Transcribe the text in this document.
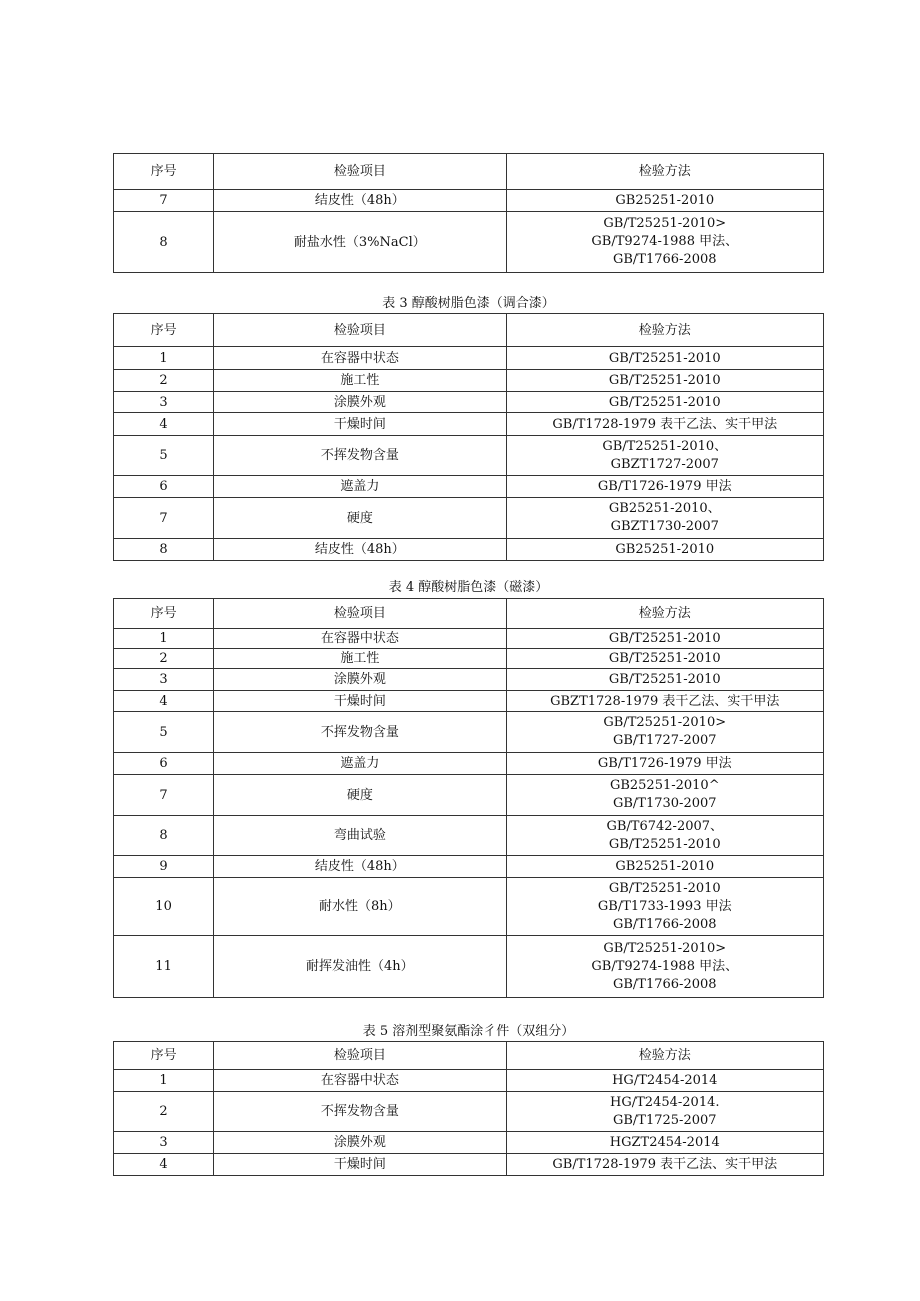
序号	检验项目	检验方法
7	结皮性（48h）	GB25251-2010

8	耐盐水性（3%NaCl）	GB/T25251-2010>
GB/T9274-1988 甲法、
GB/T1766-2008
表 3 醇酸树脂色漆（调合漆）
序号	检验项目	检验方法
1	在容器中状态	GB/T25251-2010

2	施工性	GB/T25251-2010

3	涂膜外观	GB/T25251-2010

4	干燥时间	GB/T1728-1979 表干乙法、实干甲法

5	不挥发物含量	GB/T25251-2010、
GBZT1727-2007

6	遮盖力	GB/T1726-1979 甲法

7	硬度	GB25251-2010、
GBZT1730-2007

8	结皮性（48h）	GB25251-2010
表 4 醇酸树脂色漆（磁漆）
序号	检验项目	检验方法
1	在容器中状态	GB/T25251-2010

2	施工性	GB/T25251-2010

3	涂膜外观	GB/T25251-2010

4	干燥时间	GBZT1728-1979 表干乙法、实干甲法

5	不挥发物含量	GB/T25251-2010>
GB/T1727-2007

6	遮盖力	GB/T1726-1979 甲法

7	硬度	GB25251-2010^
GB/T1730-2007

8	弯曲试验	GB/T6742-2007、
GB/T25251-2010

9	结皮性（48h）	GB25251-2010

10	耐水性（8h）	GB/T25251-2010
GB/T1733-1993 甲法
GB/T1766-2008

11	耐挥发油性（4h）	GB/T25251-2010>
GB/T9274-1988 甲法、
GB/T1766-2008
表 5 溶剂型聚氨酯涂彳件（双组分）
序号	检验项目	检验方法
1	在容器中状态	HG/T2454-2014

2	不挥发物含量	HG/T2454-2014.
GB/T1725-2007

3	涂膜外观	HGZT2454-2014

4	干燥时间	GB/T1728-1979 表干乙法、实干甲法
